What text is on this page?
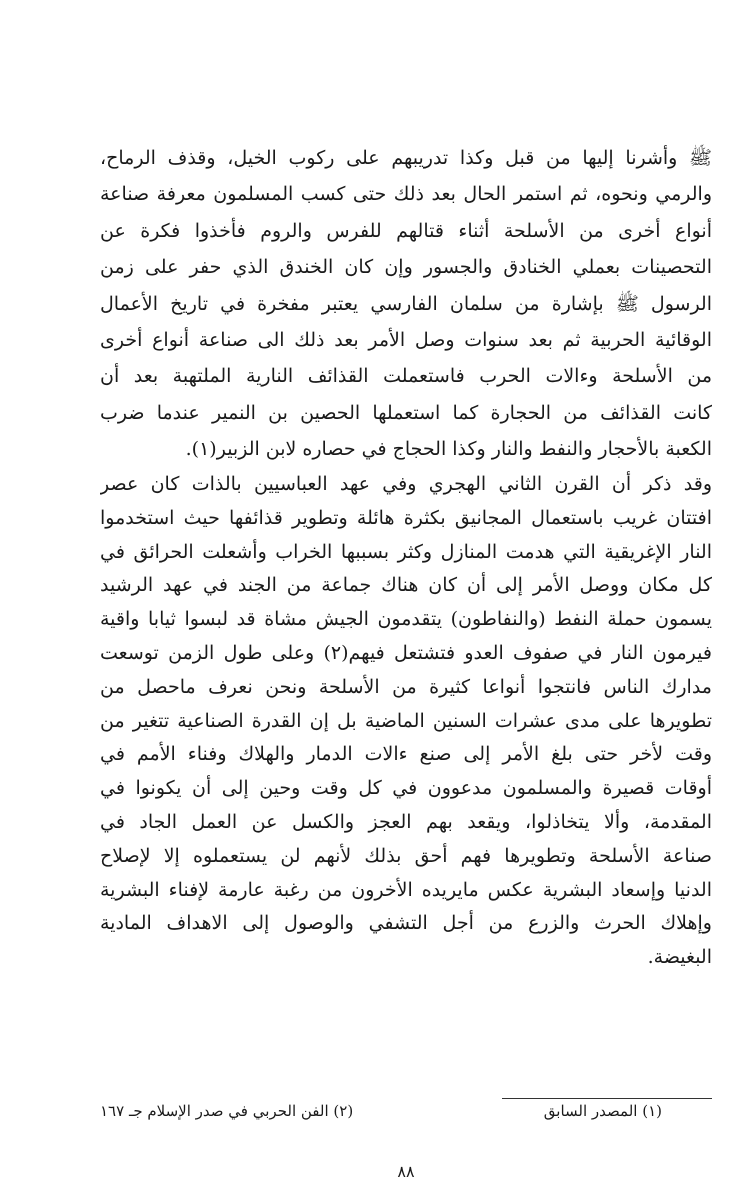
ﷺ وأشرنا إليها من قبل وكذا تدريبهم على ركوب الخيل، وقذف الرماح،
والرمي ونحوه، ثم استمر الحال بعد ذلك حتى كسب المسلمون معرفة صناعة
أنواع أخرى من الأسلحة أثناء قتالهم للفرس والروم فأخذوا فكرة عن
التحصينات بعملي الخنادق والجسور وإن كان الخندق الذي حفر على زمن
الرسول ﷺ بإشارة من سلمان الفارسي يعتبر مفخرة في تاريخ الأعمال
الوقائية الحربية ثم بعد سنوات وصل الأمر بعد ذلك الى صناعة أنواع أخرى
من الأسلحة وءالات الحرب فاستعملت القذائف النارية الملتهبة بعد أن
كانت القذائف من الحجارة كما استعملها الحصين بن النمير عندما ضرب
الكعبة بالأحجار والنفط والنار وكذا الحجاج في حصاره لابن الزبير(١).
وقد ذكر أن القرن الثاني الهجري وفي عهد العباسيين بالذات كان عصر
افتتان غريب باستعمال المجانيق بكثرة هائلة وتطوير قذائفها حيث استخدموا
النار الإغريقية التي هدمت المنازل وكثر بسببها الخراب وأشعلت الحرائق في
كل مكان ووصل الأمر إلى أن كان هناك جماعة من الجند في عهد الرشيد
يسمون حملة النفط (والنفاطون) يتقدمون الجيش مشاة قد لبسوا ثيابا واقية
فيرمون النار في صفوف العدو فتشتعل فيهم(٢) وعلى طول الزمن توسعت
مدارك الناس فانتجوا أنواعا كثيرة من الأسلحة ونحن نعرف ماحصل من
تطويرها على مدى عشرات السنين الماضية بل إن القدرة الصناعية تتغير من
وقت لأخر حتى بلغ الأمر إلى صنع ءالات الدمار والهلاك وفناء الأمم في
أوقات قصيرة والمسلمون مدعوون في كل وقت وحين إلى أن يكونوا في
المقدمة، وألا يتخاذلوا، ويقعد بهم العجز والكسل عن العمل الجاد في
صناعة الأسلحة وتطويرها فهم أحق بذلك لأنهم لن يستعملوه إلا لإصلاح
الدنيا وإسعاد البشرية عكس مايريده الأخرون من رغبة عارمة لإفناء البشرية
وإهلاك الحرث والزرع من أجل التشفي والوصول إلى الاهداف المادية
البغيضة.
(١) المصدر السابق
(٢) الفن الحربي في صدر الإسلام جـ ١٦٧
٨٨
